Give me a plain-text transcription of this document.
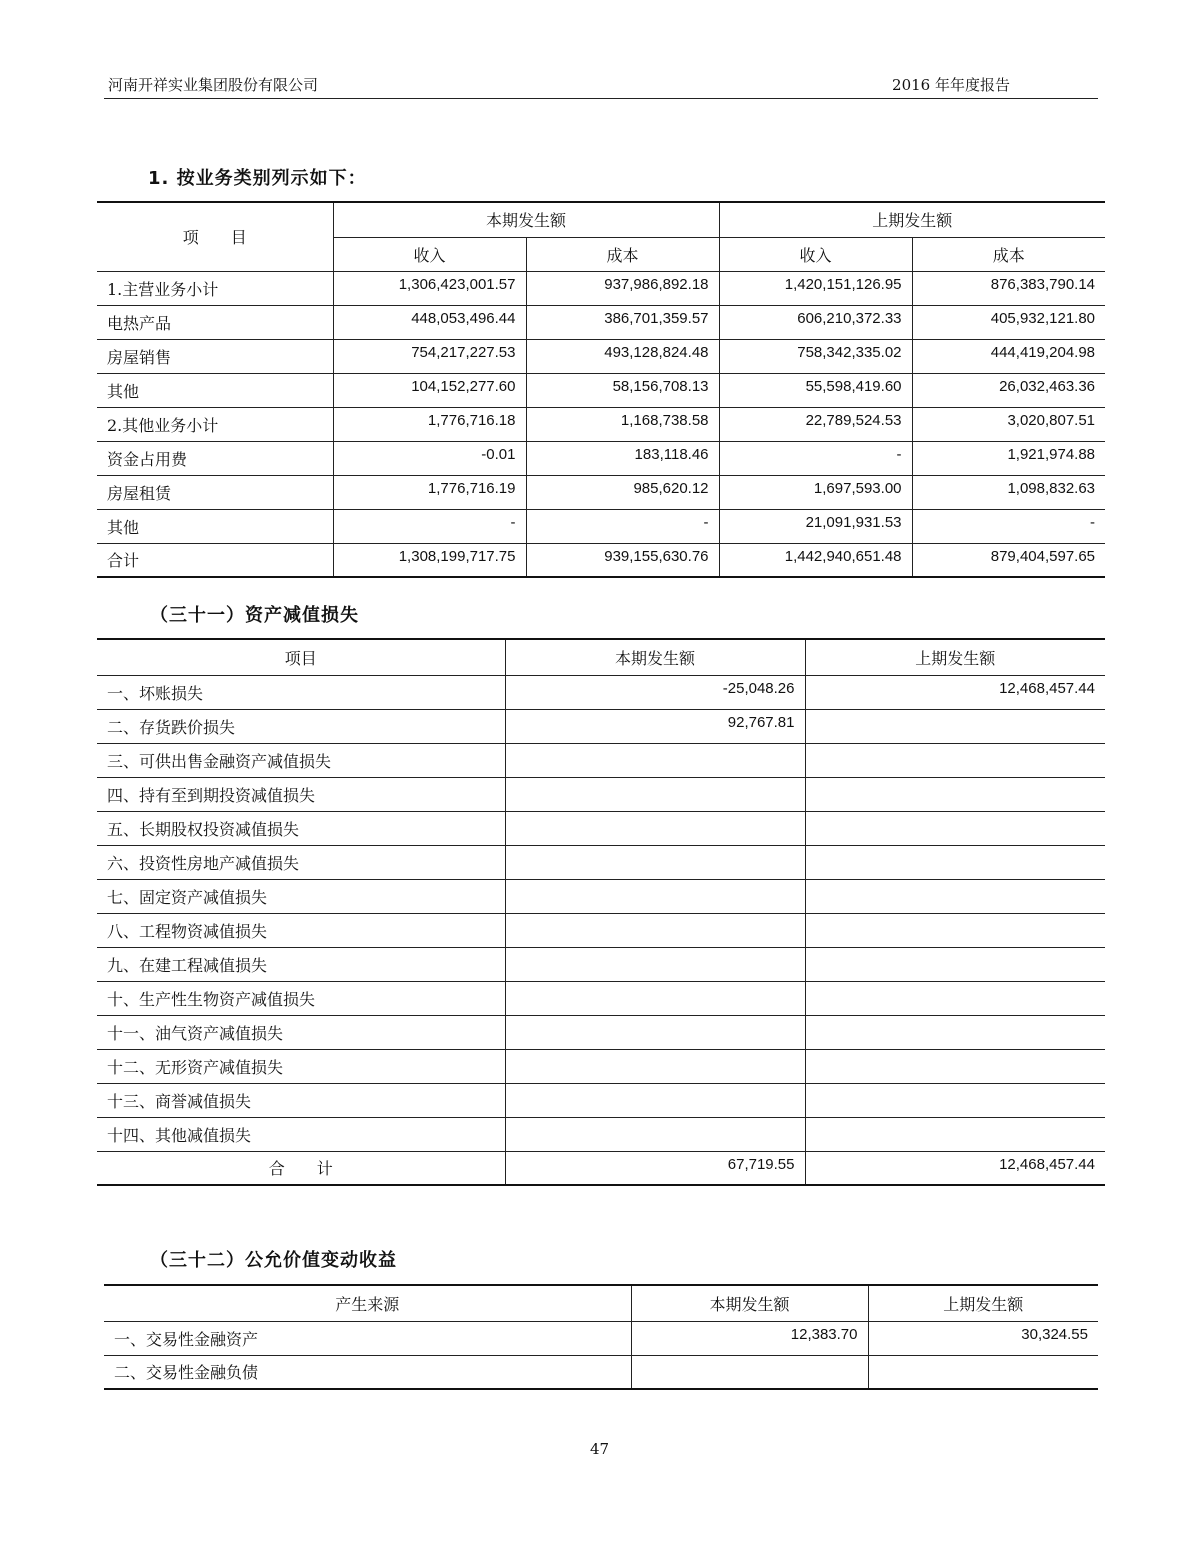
河南开祥实业集团股份有限公司	2016 年年度报告
1. 按业务类别列示如下：
项　　目	本期发生额		上期发生额	
	收入	成本	收入	成本
1.主营业务小计	1,306,423,001.57	937,986,892.18	1,420,151,126.95	876,383,790.14
电热产品	448,053,496.44	386,701,359.57	606,210,372.33	405,932,121.80
房屋销售	754,217,227.53	493,128,824.48	758,342,335.02	444,419,204.98
其他	104,152,277.60	58,156,708.13	55,598,419.60	26,032,463.36
2.其他业务小计	1,776,716.18	1,168,738.58	22,789,524.53	3,020,807.51
资金占用费	-0.01	183,118.46	-	1,921,974.88
房屋租赁	1,776,716.19	985,620.12	1,697,593.00	1,098,832.63
其他	-	-	21,091,931.53	-
合计	1,308,199,717.75	939,155,630.76	1,442,940,651.48	879,404,597.65
（三十一）资产减值损失
项目	本期发生额	上期发生额
一、坏账损失	-25,048.26	12,468,457.44
二、存货跌价损失	92,767.81	
三、可供出售金融资产减值损失		
四、持有至到期投资减值损失		
五、长期股权投资减值损失		
六、投资性房地产减值损失		
七、固定资产减值损失		
八、工程物资减值损失		
九、在建工程减值损失		
十、生产性生物资产减值损失		
十一、油气资产减值损失		
十二、无形资产减值损失		
十三、商誉减值损失		
十四、其他减值损失		
合　　计	67,719.55	12,468,457.44
（三十二）公允价值变动收益
产生来源	本期发生额	上期发生额
一、交易性金融资产	12,383.70	30,324.55
二、交易性金融负债		
47
